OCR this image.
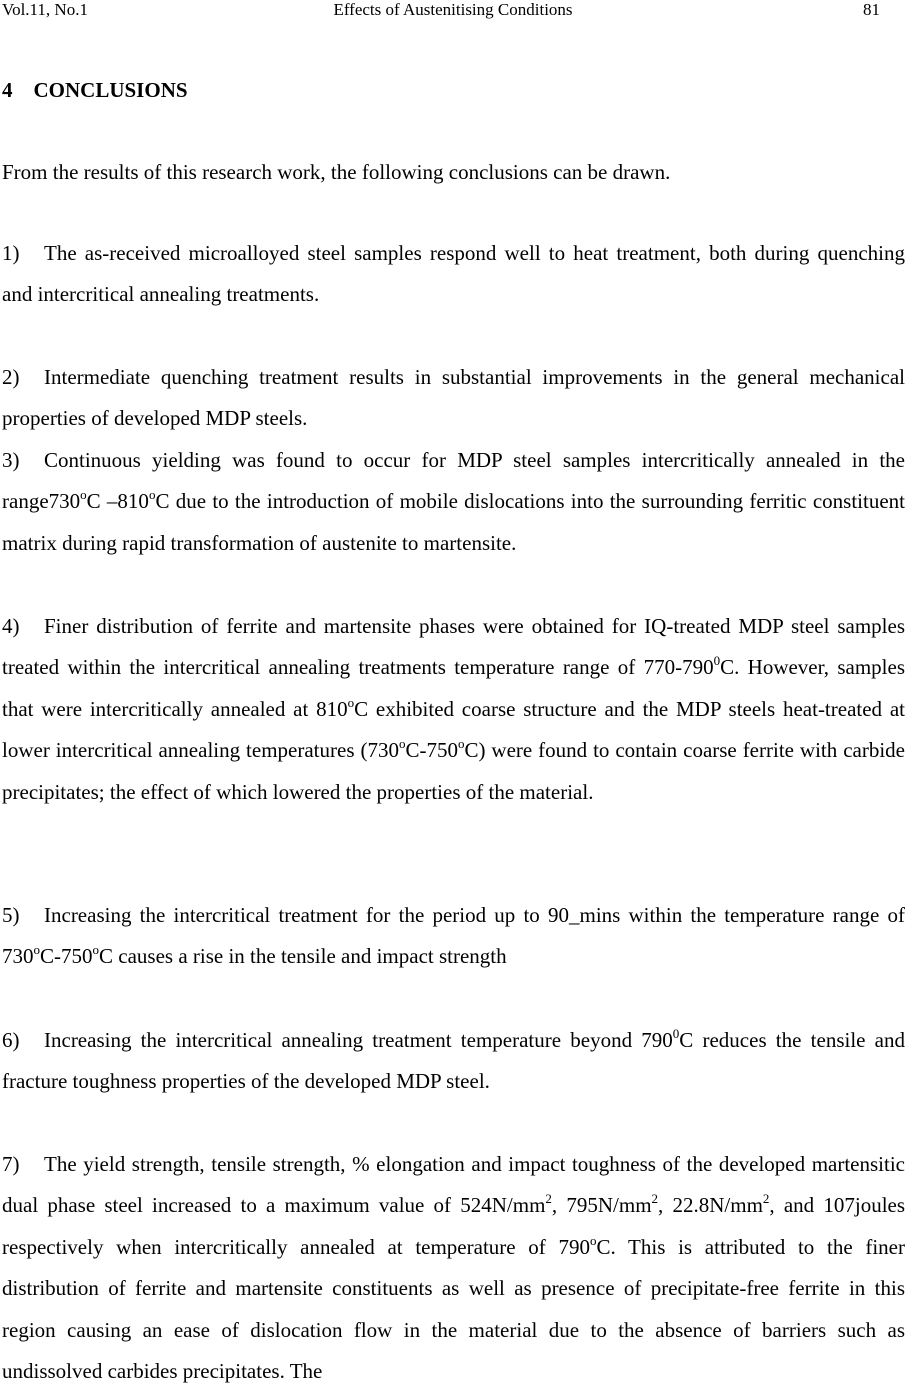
Vol.11, No.1	Effects of Austenitising Conditions	81
4 CONCLUSIONS
From the results of this research work, the following conclusions can be drawn.

1) The as-received microalloyed steel samples respond well to heat treatment, both during quenching and intercritical annealing treatments.

2) Intermediate quenching treatment results in substantial improvements in the general mechanical properties of developed MDP steels.

3) Continuous yielding was found to occur for MDP steel samples intercritically annealed in the range730$^o$C –810$^o$C due to the introduction of mobile dislocations into the surrounding ferritic constituent matrix during rapid transformation of austenite to martensite.

4) Finer distribution of ferrite and martensite phases were obtained for IQ-treated MDP steel samples treated within the intercritical annealing treatments temperature range of $770-790^0C$. However, samples that were intercritically annealed at 810$^o$C exhibited coarse structure and the MDP steels heat-treated at lower intercritical annealing temperatures (730$^o$C-750$^o$C) were found to contain coarse ferrite with carbide precipitates; the effect of which lowered the properties of the material.

5) Increasing the intercritical treatment for the period up to 90_mins within the temperature range of 730$^o$C-750$^o$C causes a rise in the tensile and impact strength

6) Increasing the intercritical annealing treatment temperature beyond $790^0C$ reduces the tensile and fracture toughness properties of the developed MDP steel.

7) The yield strength, tensile strength, % elongation and impact toughness of the developed martensitic dual phase steel increased to a maximum value of $524N/mm^2$, $795N/mm^2$, $22.8N/mm^2$, and 107joules respectively when intercritically annealed at temperature of 790$^o$C. This is attributed to the finer distribution of ferrite and martensite constituents as well as presence of precipitate-free ferrite in this region causing an ease of dislocation flow in the material due to the absence of barriers such as undissolved carbides precipitates. The
